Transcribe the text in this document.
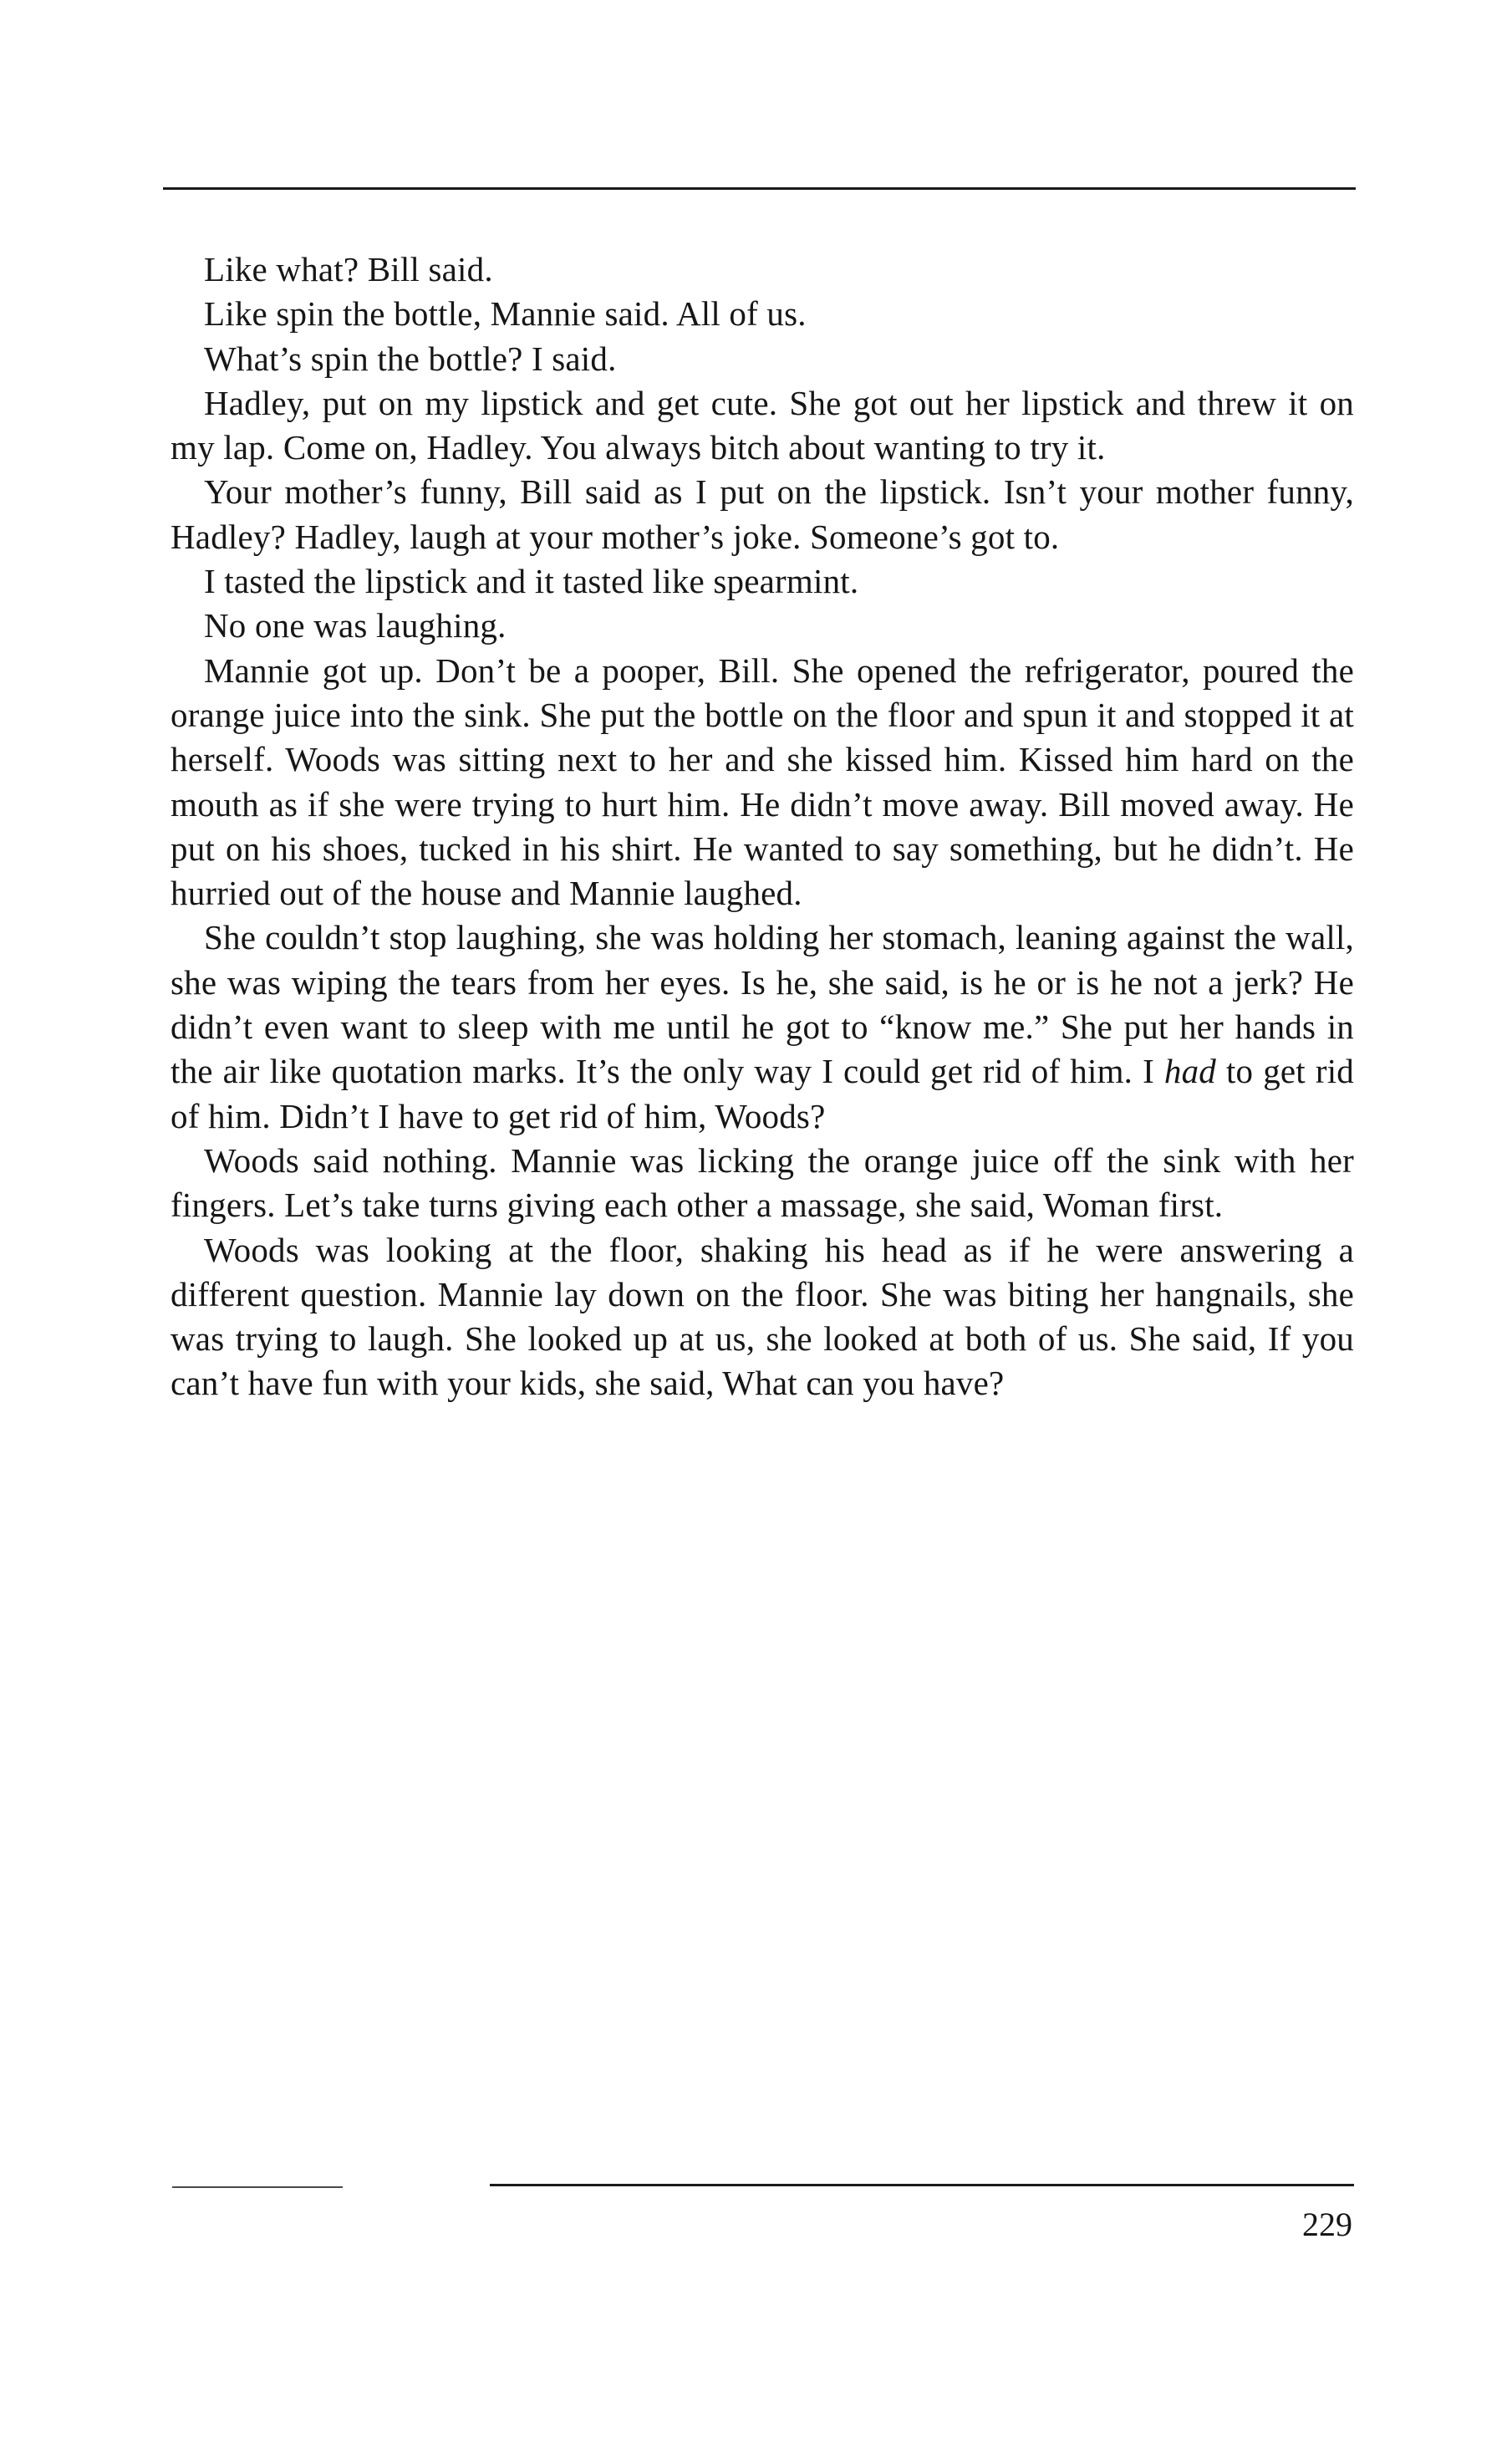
Like what? Bill said.

Like spin the bottle, Mannie said. All of us.

What’s spin the bottle? I said.

Hadley, put on my lipstick and get cute. She got out her lipstick and threw it on my lap. Come on, Hadley. You always bitch about wanting to try it.

Your mother’s funny, Bill said as I put on the lipstick. Isn’t your mother funny, Hadley? Hadley, laugh at your mother’s joke. Someone’s got to.

I tasted the lipstick and it tasted like spearmint.

No one was laughing.

Mannie got up. Don’t be a pooper, Bill. She opened the refrigerator, poured the orange juice into the sink. She put the bottle on the floor and spun it and stopped it at herself. Woods was sitting next to her and she kissed him. Kissed him hard on the mouth as if she were trying to hurt him. He didn’t move away. Bill moved away. He put on his shoes, tucked in his shirt. He wanted to say something, but he didn’t. He hurried out of the house and Mannie laughed.

She couldn’t stop laughing, she was holding her stomach, leaning against the wall, she was wiping the tears from her eyes. Is he, she said, is he or is he not a jerk? He didn’t even want to sleep with me until he got to “know me.” She put her hands in the air like quotation marks. It’s the only way I could get rid of him. I had to get rid of him. Didn’t I have to get rid of him, Woods?

Woods said nothing. Mannie was licking the orange juice off the sink with her fingers. Let’s take turns giving each other a massage, she said, Woman first.

Woods was looking at the floor, shaking his head as if he were answering a different question. Mannie lay down on the floor. She was biting her hangnails, she was trying to laugh. She looked up at us, she looked at both of us. She said, If you can’t have fun with your kids, she said, What can you have?

229
